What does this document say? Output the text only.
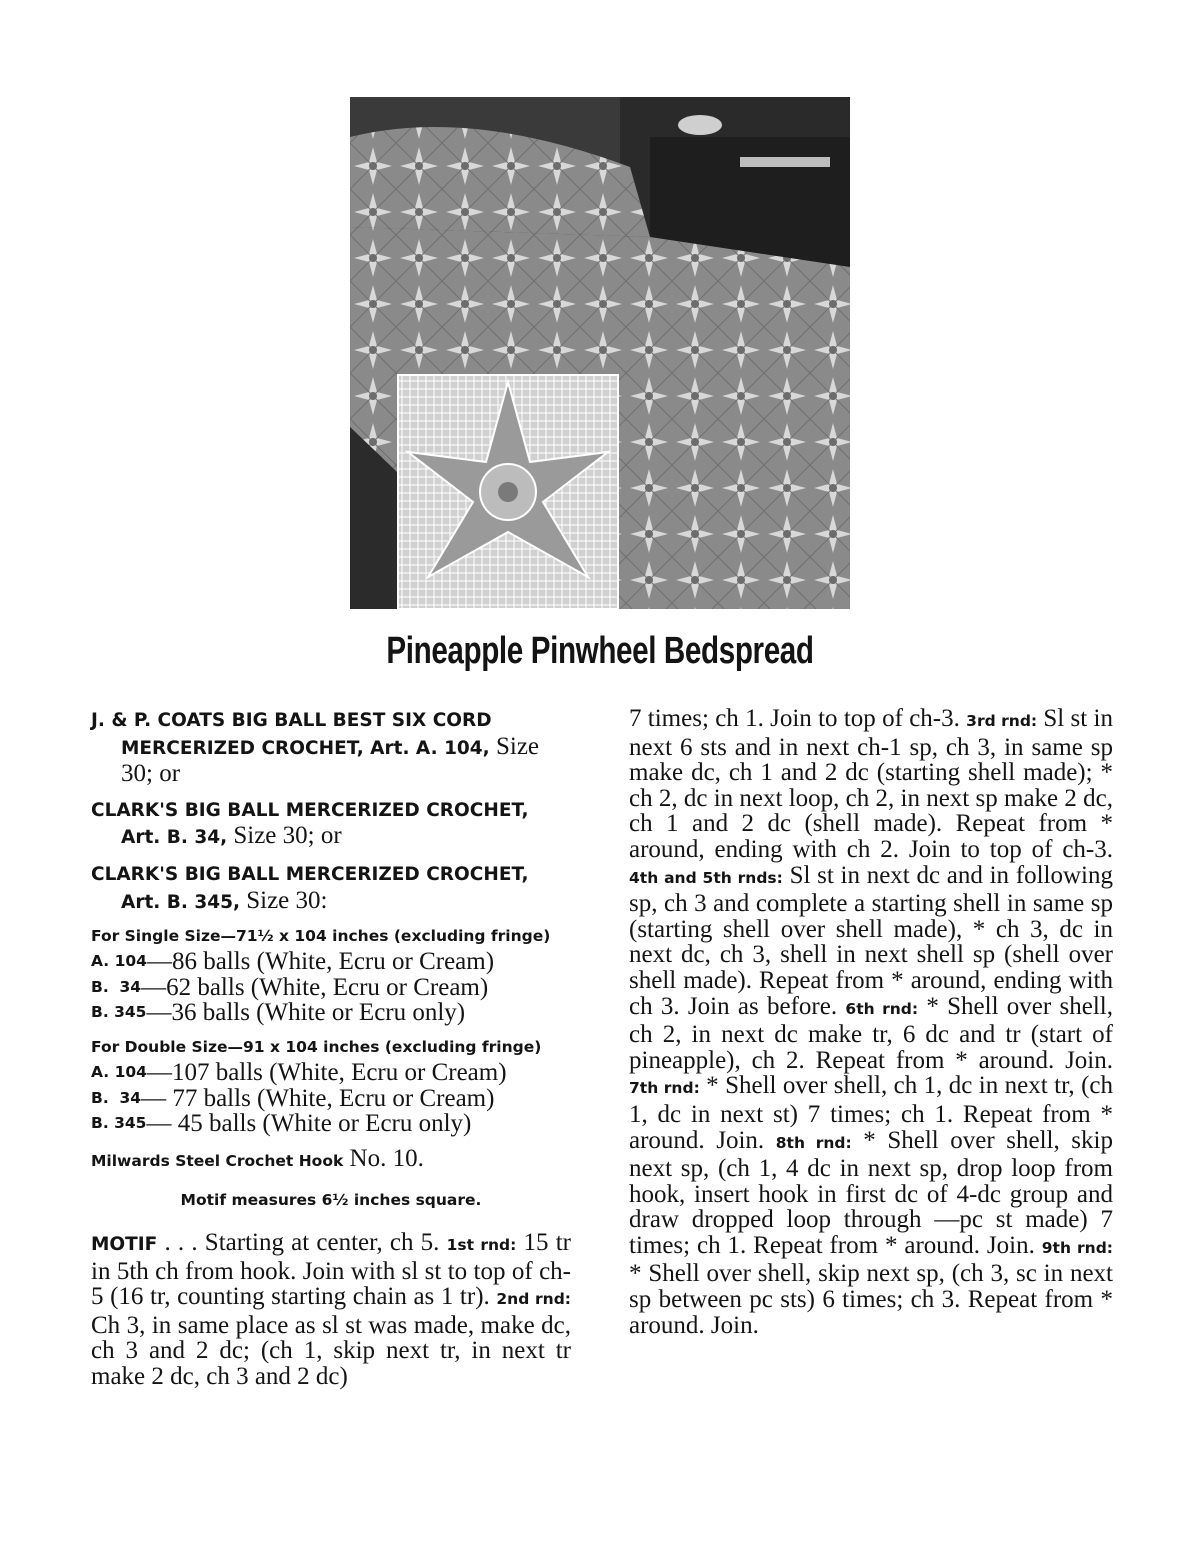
Pineapple Pinwheel Bedspread
J. & P. COATS BIG BALL BEST SIX CORD MERCERIZED CROCHET, Art. A. 104, Size 30; or
CLARK'S BIG BALL MERCERIZED CROCHET, Art. B. 34, Size 30; or
CLARK'S BIG BALL MERCERIZED CROCHET, Art. B. 345, Size 30:
For Single Size—71½ x 104 inches (excluding fringe)
A. 104 —86 balls (White, Ecru or Cream)
B.  34 —62 balls (White, Ecru or Cream)
B. 345 —36 balls (White or Ecru only)
For Double Size—91 x 104 inches (excluding fringe)
A. 104 —107 balls (White, Ecru or Cream)
B.  34 — 77 balls (White, Ecru or Cream)
B. 345 — 45 balls (White or Ecru only)
Milwards Steel Crochet Hook No. 10.
Motif measures 6½ inches square.
MOTIF . . . Starting at center, ch 5. 1st rnd: 15 tr in 5th ch from hook. Join with sl st to top of ch-5 (16 tr, counting starting chain as 1 tr). 2nd rnd: Ch 3, in same place as sl st was made, make dc, ch 3 and 2 dc; (ch 1, skip next tr, in next tr make 2 dc, ch 3 and 2 dc)
7 times; ch 1. Join to top of ch-3. 3rd rnd: Sl st in next 6 sts and in next ch-1 sp, ch 3, in same sp make dc, ch 1 and 2 dc (starting shell made); * ch 2, dc in next loop, ch 2, in next sp make 2 dc, ch 1 and 2 dc (shell made). Repeat from * around, ending with ch 2. Join to top of ch-3. 4th and 5th rnds: Sl st in next dc and in following sp, ch 3 and complete a starting shell in same sp (starting shell over shell made), * ch 3, dc in next dc, ch 3, shell in next shell sp (shell over shell made). Repeat from * around, ending with ch 3. Join as before. 6th rnd: * Shell over shell, ch 2, in next dc make tr, 6 dc and tr (start of pineapple), ch 2. Repeat from * around. Join. 7th rnd: * Shell over shell, ch 1, dc in next tr, (ch 1, dc in next st) 7 times; ch 1. Repeat from * around. Join. 8th rnd: * Shell over shell, skip next sp, (ch 1, 4 dc in next sp, drop loop from hook, insert hook in first dc of 4-dc group and draw dropped loop through —pc st made) 7 times; ch 1. Repeat from * around. Join. 9th rnd: * Shell over shell, skip next sp, (ch 3, sc in next sp between pc sts) 6 times; ch 3. Repeat from * around. Join.
